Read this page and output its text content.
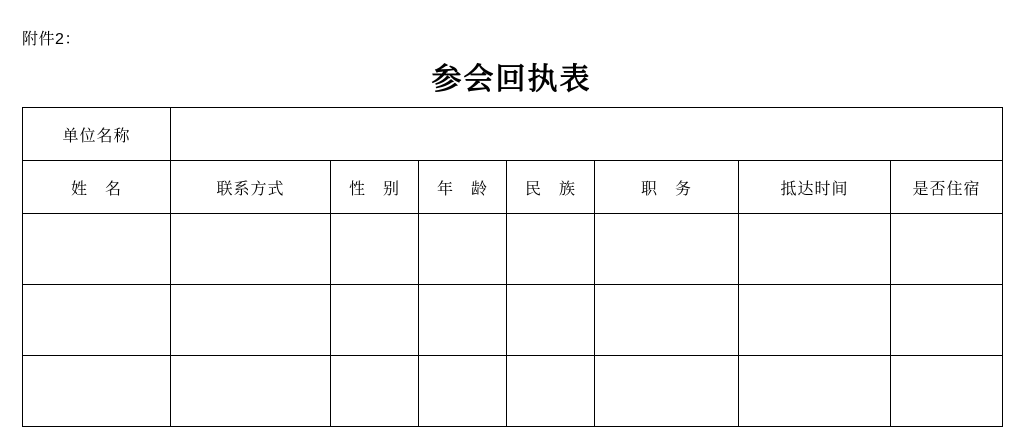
附件2：
参会回执表
单位名称							
姓　名	联系方式	性　别	年　龄	民　族	职　务	抵达时间	是否住宿
